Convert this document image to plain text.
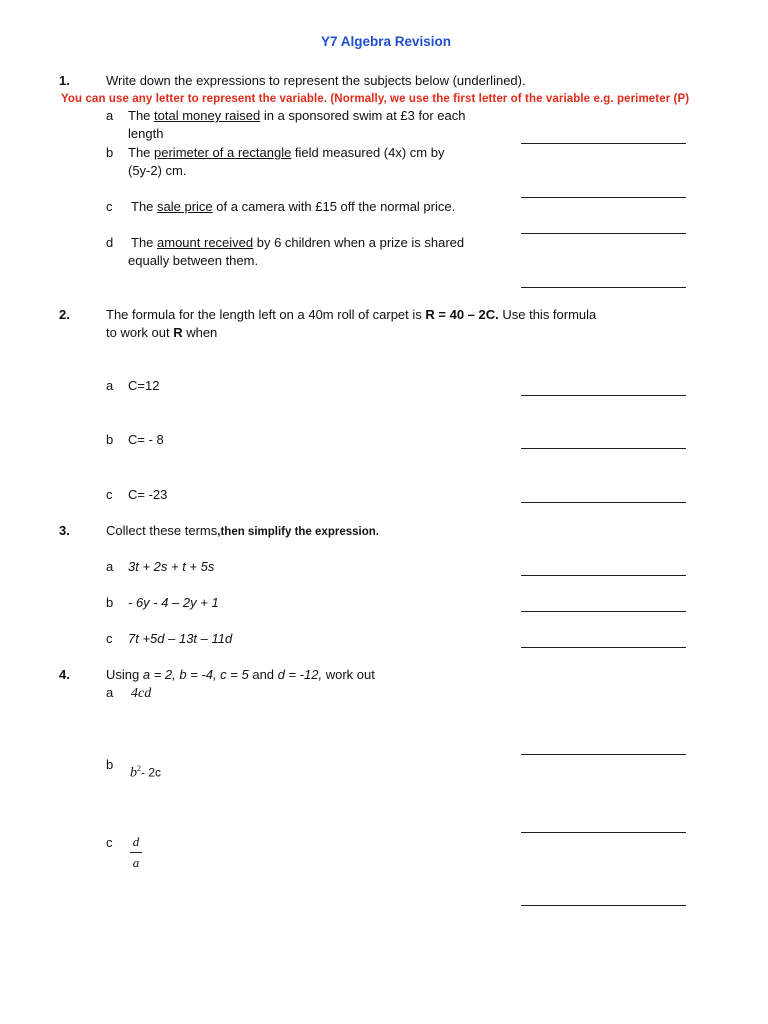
Y7 Algebra Revision
1.	Write down the expressions to represent the subjects below (underlined).
You can use any letter to represent the variable. (Normally, we use the first letter of the variable e.g. perimeter (P)
a The total money raised in a sponsored swim at £3 for each
length
b The perimeter of a rectangle field measured (4x) cm by
(5y-2) cm.
c The sale price of a camera with £15 off the normal price.
d The amount received by 6 children when a prize is shared
equally between them.
2.	The formula for the length left on a 40m roll of carpet is R = 40 – 2C. Use this formula
to work out R when
a C=12
b C= - 8
c C= -23
3.	Collect these terms,then simplify the expression.
a 3t + 2s + t + 5s
b - 6y - 4 – 2y + 1
c 7t +5d – 13t – 11d
4.	Using a = 2, b = -4, c = 5 and d = -12, work out
a 4cd
b
$b^2-$ 2c
c d
a
